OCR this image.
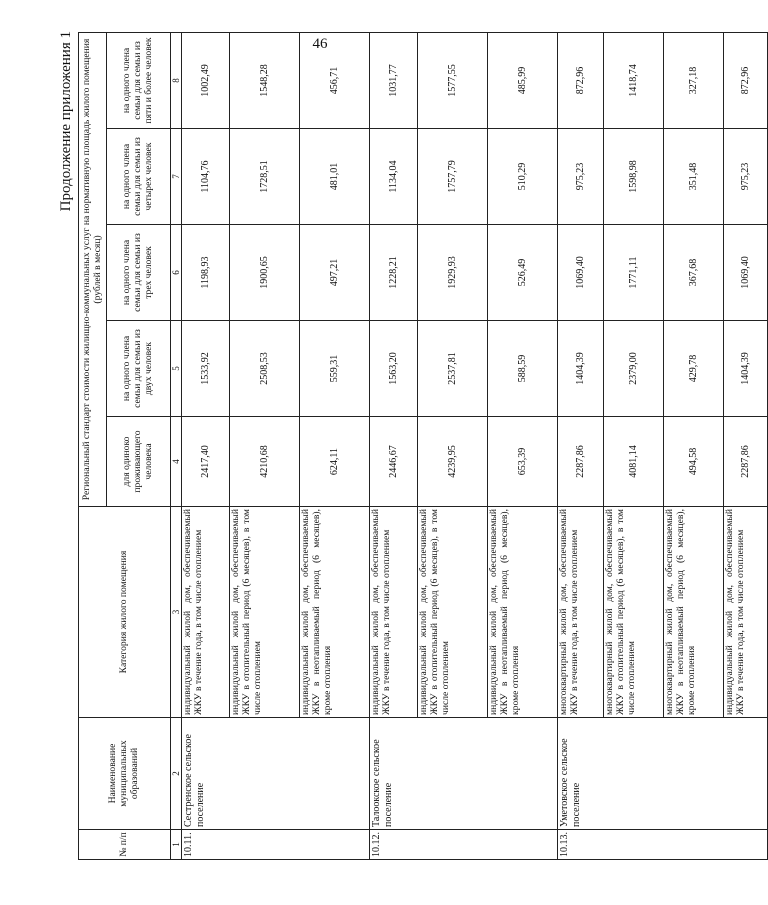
46
Продолжение приложения 1
№ п/п	Наименование муниципальных образований	Категория жилого помещения	Региональный стандарт стоимости жилищно-коммунальных услуг на нормативную площадь жилого помещения (рублей в месяц)				
			для одиноко проживающего человека	на одного члена семьи для семьи из двух человек	на одного члена семьи для семьи из трех человек	на одного члена семьи для семьи из четырех человек	на одного члена семьи для семьи из пяти и более человек
1	2	3	4	5	6	7	8
10.11.	Сестренское сельское поселение	индивидуальный жилой дом, обеспечиваемый ЖКУ в течение года, в том числе отоплением	2417,40	1533,92	1198,93	1104,76	1002,49
		индивидуальный жилой дом, обеспечиваемый ЖКУ в отопительный период (6 месяцев), в том числе отоплением	4210,68	2508,53	1900,65	1728,51	1548,28
		индивидуальный жилой дом, обеспечиваемый ЖКУ в неотапливаемый период (6 месяцев), кроме отопления	624,11	559,31	497,21	481,01	456,71
10.12.	Талоокское сельское поселение	индивидуальный жилой дом, обеспечиваемый ЖКУ в течение года, в том числе отоплением	2446,67	1563,20	1228,21	1134,04	1031,77
		индивидуальный жилой дом, обеспечиваемый ЖКУ в отопительный период (6 месяцев), в том числе отоплением	4239,95	2537,81	1929,93	1757,79	1577,55
		индивидуальный жилой дом, обеспечиваемый ЖКУ в неотапливаемый период (6 месяцев), кроме отопления	653,39	588,59	526,49	510,29	485,99
10.13.	Уметовское сельское поселение	многоквартирный жилой дом, обеспечиваемый ЖКУ в течение года, в том числе отоплением	2287,86	1404,39	1069,40	975,23	872,96
		многоквартирный жилой дом, обеспечиваемый ЖКУ в отопительный период (6 месяцев), в том числе отоплением	4081,14	2379,00	1771,11	1598,98	1418,74
		многоквартирный жилой дом, обеспечиваемый ЖКУ в неотапливаемый период (6 месяцев), кроме отопления	494,58	429,78	367,68	351,48	327,18
		индивидуальный жилой дом, обеспечиваемый ЖКУ в течение года, в том числе отоплением	2287,86	1404,39	1069,40	975,23	872,96
